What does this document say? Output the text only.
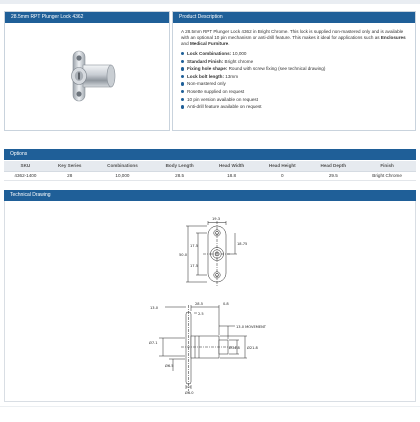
28.5mm RPT Plunger Lock 4362	Product Description

A 28.5mm RPT Plunger Lock 4362 in Bright Chrome. This lock is supplied non-mastered only and is available with an optional 10 pin mechanism or anti-drill feature. This makes it ideal for applications such as Enclosures and Medical Furniture.

Lock Combinations: 10,000
Standard Finish: Bright chrome
Fixing hole shape: Round with screw fixing (see technical drawing)
Lock bolt length: 13mm
Non-mastered only
Rosette supplied on request
10 pin version available on request
Anti-drill feature available on request
Options
SKU	Key Series	Combinations	Body Length	Head Width	Head Height	Head Depth	Finish
4362-1400	28	10,000	28.5	18.8	0	29.5	Bright Chrome
Technical Drawing
19.3
17.5
50.0
18.75
17.5
13.0
28.5	0.8
2.5
13.0 MOVEMENT
Ø14.8 Ø21.8
Ø7.1
Ø6.5
Ø6.0
